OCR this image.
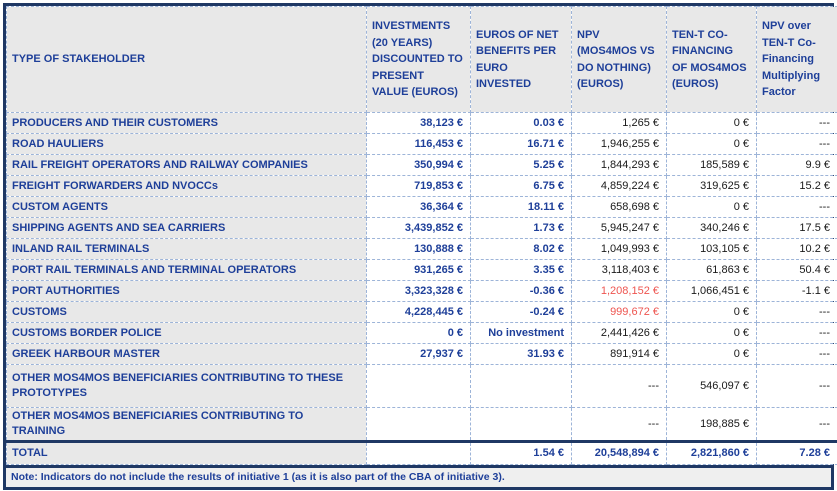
TYPE OF STAKEHOLDER	INVESTMENTS (20 YEARS) DISCOUNTED TO PRESENT VALUE (EUROS)	EUROS OF NET BENEFITS PER EURO INVESTED	NPV (MOS4MOS VS DO NOTHING) (EUROS)	TEN-T CO-FINANCING OF MOS4MOS (EUROS)	NPV over TEN-T Co-Financing Multiplying Factor
PRODUCERS AND THEIR CUSTOMERS	38,123 €	0.03 €	1,265 €	0 €	---
ROAD HAULIERS	116,453 €	16.71 €	1,946,255 €	0 €	---
RAIL FREIGHT OPERATORS AND RAILWAY COMPANIES	350,994 €	5.25 €	1,844,293 €	185,589 €	9.9 €
FREIGHT FORWARDERS AND NVOCCs	719,853 €	6.75 €	4,859,224 €	319,625 €	15.2 €
CUSTOM AGENTS	36,364 €	18.11 €	658,698 €	0 €	---
SHIPPING AGENTS AND SEA CARRIERS	3,439,852 €	1.73 €	5,945,247 €	340,246 €	17.5 €
INLAND RAIL TERMINALS	130,888 €	8.02 €	1,049,993 €	103,105 €	10.2 €
PORT RAIL TERMINALS AND TERMINAL OPERATORS	931,265 €	3.35 €	3,118,403 €	61,863 €	50.4 €
PORT AUTHORITIES	3,323,328 €	-0.36 €	1,208,152 €	1,066,451 €	-1.1 €
CUSTOMS	4,228,445 €	-0.24 €	999,672 €	0 €	---
CUSTOMS BORDER POLICE	0 €	No investment	2,441,426 €	0 €	---
GREEK HARBOUR MASTER	27,937 €	31.93 €	891,914 €	0 €	---
OTHER MOS4MOS BENEFICIARIES CONTRIBUTING TO THESE PROTOTYPES			---	546,097 €	---
OTHER MOS4MOS BENEFICIARIES CONTRIBUTING TO TRAINING			---	198,885 €	---
TOTAL		1.54 €	20,548,894 €	2,821,860 €	7.28 €
Note: Indicators do not include the results of initiative 1 (as it is also part of the CBA of initiative 3).
